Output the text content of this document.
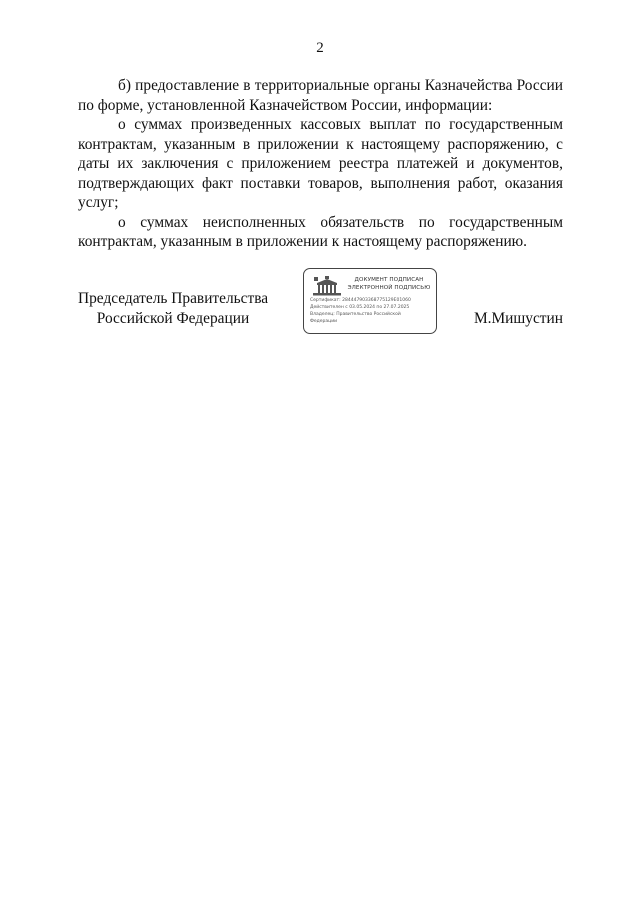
2

б) предоставление в территориальные органы Казначейства России по форме, установленной Казначейством России, информации:

о суммах произведенных кассовых выплат по государственным контрактам, указанным в приложении к настоящему распоряжению, с даты их заключения с приложением реестра платежей и документов, подтверждающих факт поставки товаров, выполнения работ, оказания услуг;

о суммах неисполненных обязательств по государственным контрактам, указанным в приложении к настоящему распоряжению.

Председатель Правительства
Российской Федерации
ДОКУМЕНТ ПОДПИСАН
ЭЛЕКТРОННОЙ ПОДПИСЬЮ
Сертификат: 284447903368775129E01060
Действителен с 03.05.2024 по 27.07.2025
Владелец: Правительство Российской
Федерации	М.Мишустин
